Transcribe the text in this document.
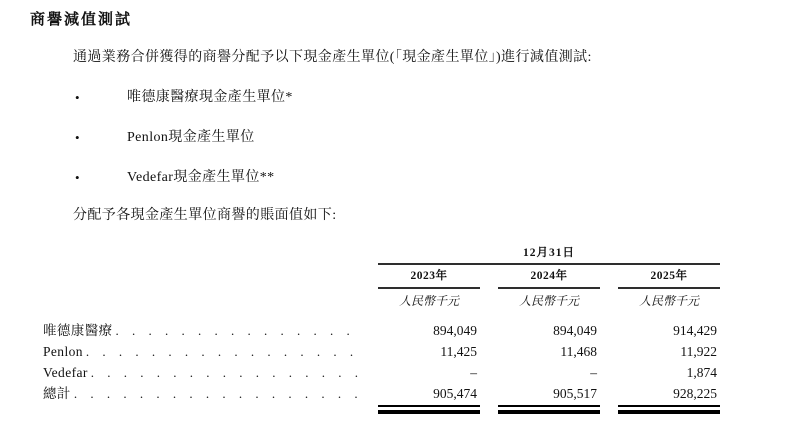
商譽減值測試

通過業務合併獲得的商譽分配予以下現金產生單位(「現金產生單位」)進行減值測試:

•	唯德康醫療現金產生單位*
•	Penlon現金產生單位
•	Vedefar現金產生單位**

分配予各現金產生單位商譽的賬面值如下:

12月31日
2023年	2024年	2025年
人民幣千元	人民幣千元	人民幣千元
唯德康醫療 . . .	894,049	894,049	914,429
Penlon . . .	11,425	11,468	11,922
Vedefar . . .	–	–	1,874
總計 . . .	905,474	905,517	928,225
